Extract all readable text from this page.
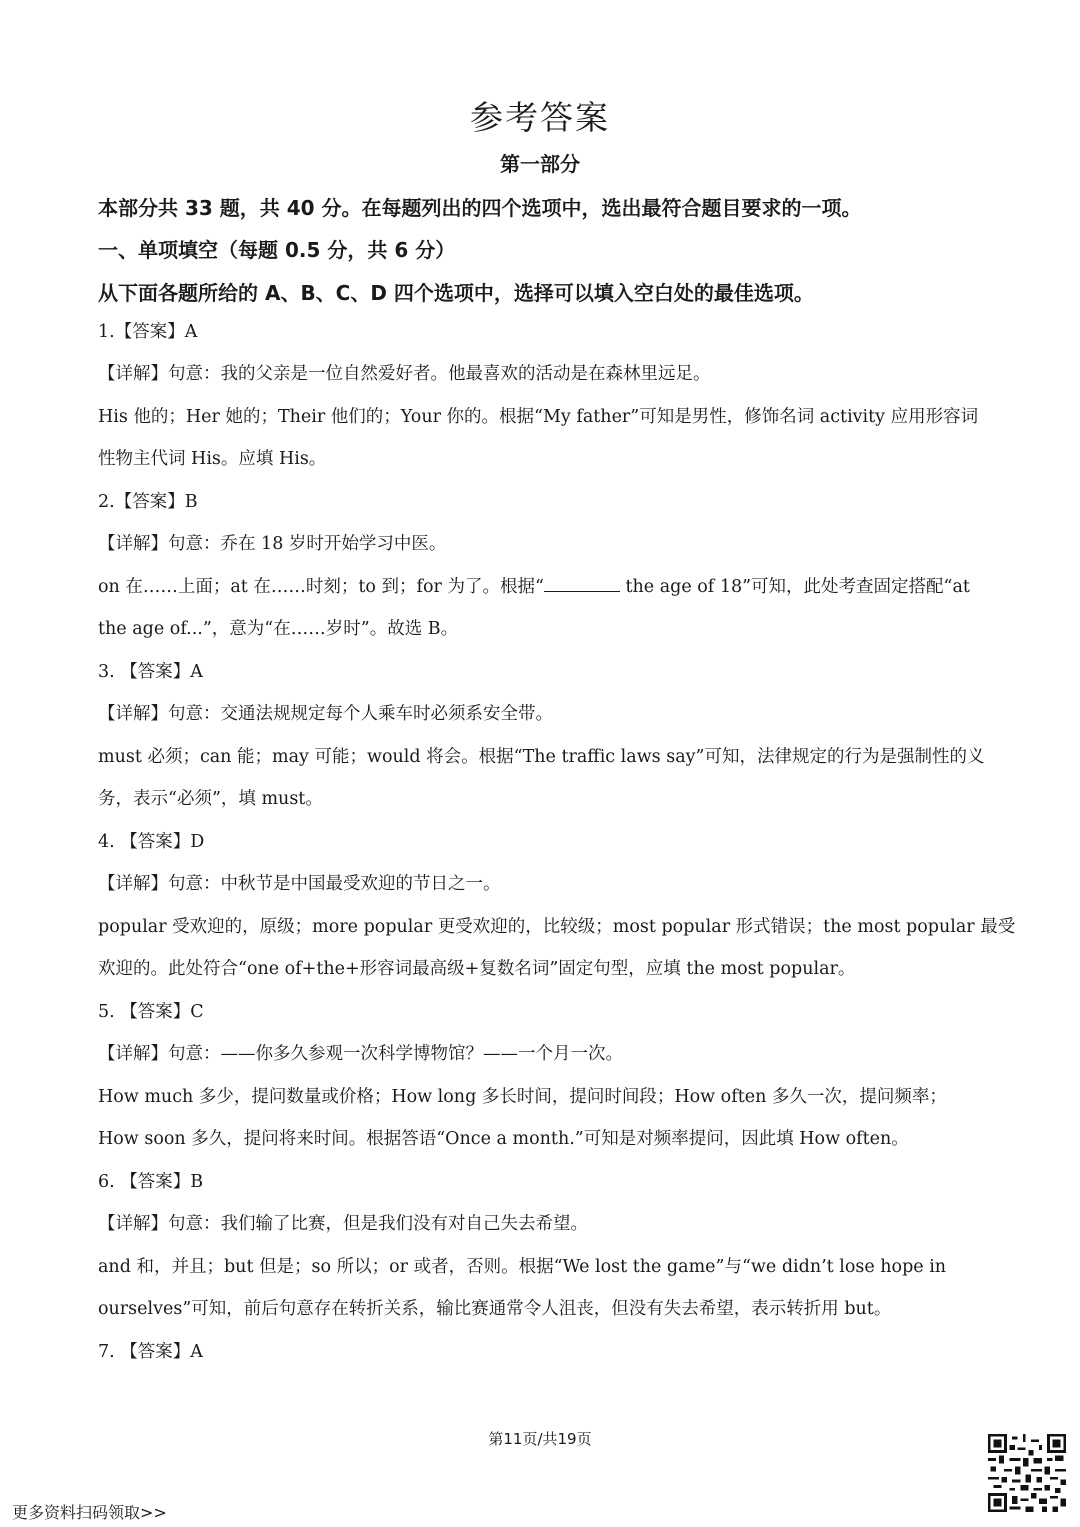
参考答案
第一部分
本部分共 33 题，共 40 分。在每题列出的四个选项中，选出最符合题目要求的一项。
一、单项填空（每题 0.5 分，共 6 分）
从下面各题所给的 A、B、C、D 四个选项中，选择可以填入空白处的最佳选项。
1.【答案】A
【详解】句意：我的父亲是一位自然爱好者。他最喜欢的活动是在森林里远足。
His 他的；Her 她的；Their 他们的；Your 你的。根据“My father”可知是男性，修饰名词 activity 应用形容词
性物主代词 His。应填 His。
2.【答案】B
【详解】句意：乔在 18 岁时开始学习中医。
on 在……上面；at 在……时刻；to 到；for 为了。根据“	the age of 18”可知，此处考查固定搭配“at
the age of...”，意为“在……岁时”。故选 B。
3. 【答案】A
【详解】句意：交通法规规定每个人乘车时必须系安全带。
must 必须；can 能；may 可能；would 将会。根据“The traffic laws say”可知，法律规定的行为是强制性的义
务，表示“必须”，填 must。
4. 【答案】D
【详解】句意：中秋节是中国最受欢迎的节日之一。
popular 受欢迎的，原级；more popular 更受欢迎的，比较级；most popular 形式错误；the most popular 最受
欢迎的。此处符合“one of+the+形容词最高级+复数名词”固定句型，应填 the most popular。
5. 【答案】C
【详解】句意：——你多久参观一次科学博物馆？——一个月一次。
How much 多少，提问数量或价格；How long 多长时间，提问时间段；How often 多久一次，提问频率；
How soon 多久，提问将来时间。根据答语“Once a month.”可知是对频率提问，因此填 How often。
6. 【答案】B
【详解】句意：我们输了比赛，但是我们没有对自己失去希望。
and 和，并且；but 但是；so 所以；or 或者，否则。根据“We lost the game”与“we didn’t lose hope in
ourselves”可知，前后句意存在转折关系，输比赛通常令人沮丧，但没有失去希望，表示转折用 but。
7. 【答案】A
第11页/共19页
更多资料扫码领取>>
